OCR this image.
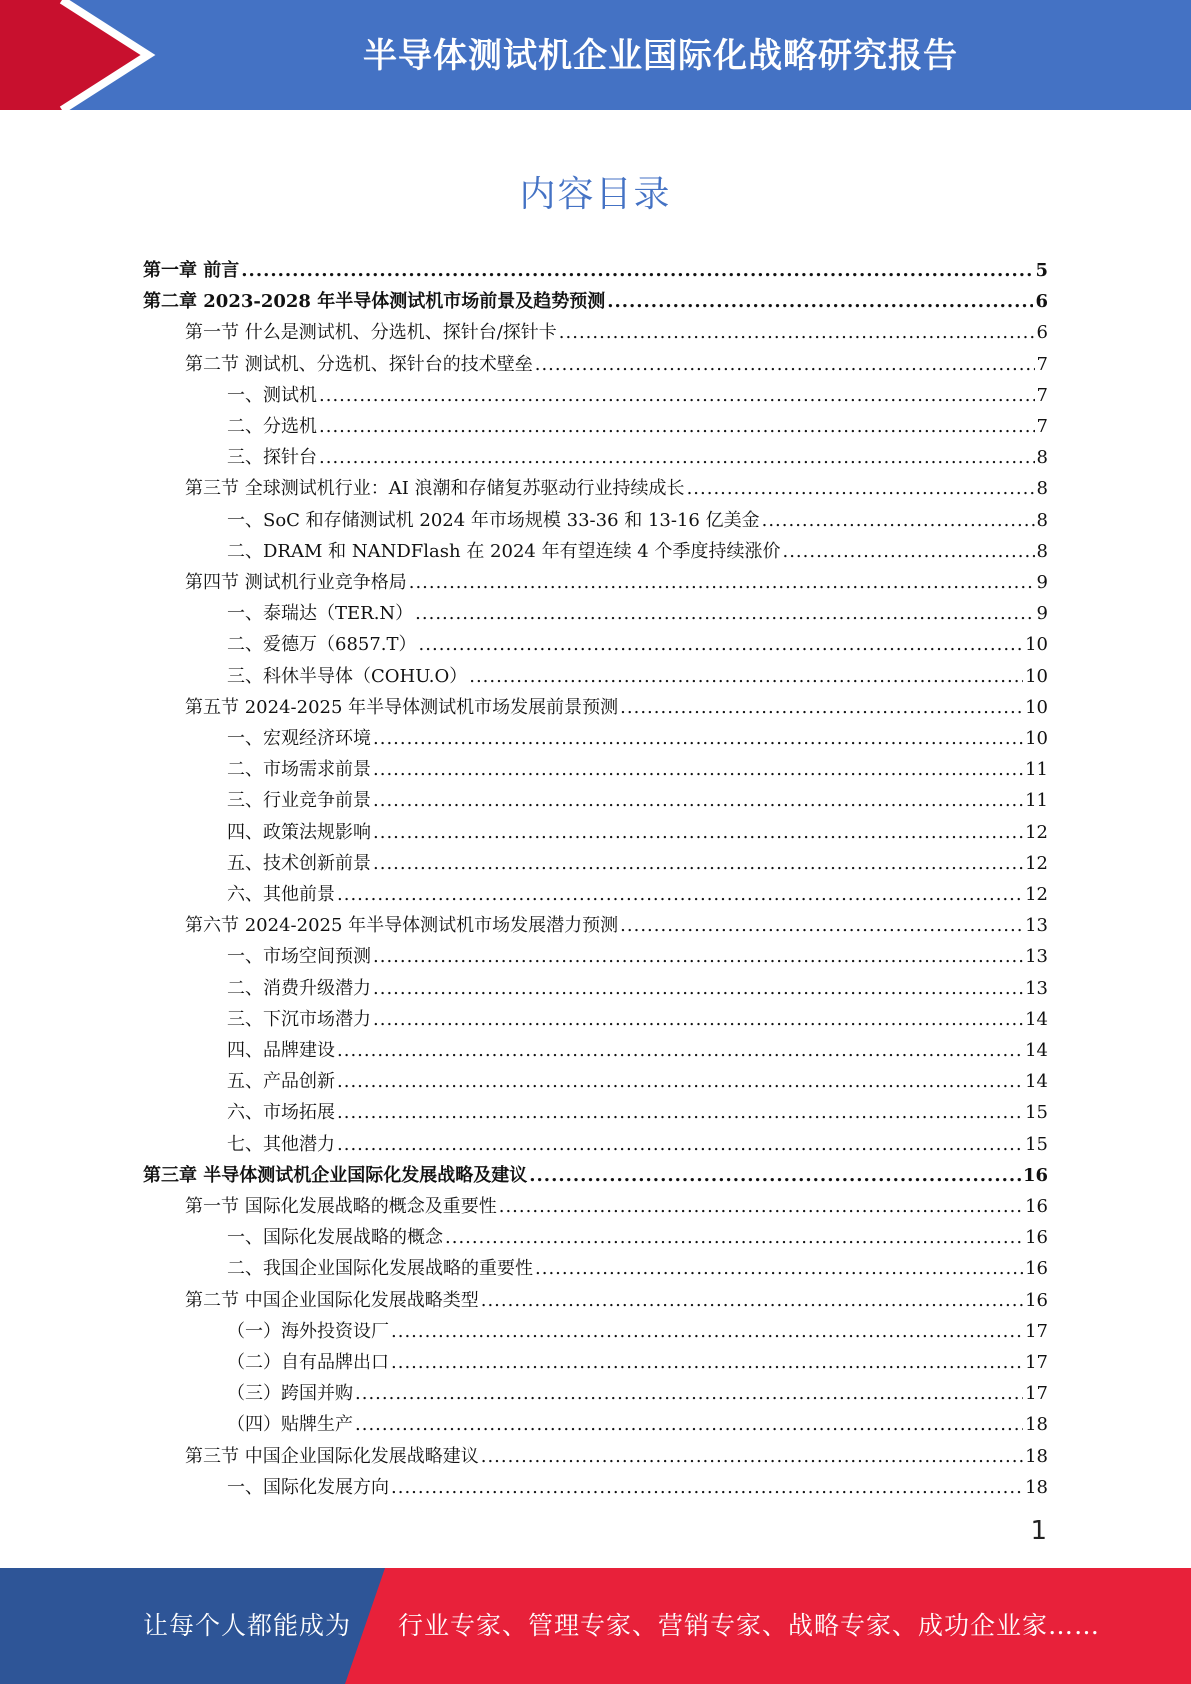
半导体测试机企业国际化战略研究报告
内容目录
第一章 前言 .....	5
第二章 2023-2028 年半导体测试机市场前景及趋势预测 .....	6
第一节 什么是测试机、分选机、探针台/探针卡 .....	6
第二节 测试机、分选机、探针台的技术壁垒 .....	7
一、测试机 .....	7
二、分选机 .....	7
三、探针台 .....	8
第三节 全球测试机行业：AI 浪潮和存储复苏驱动行业持续成长 .....	8
一、SoC 和存储测试机 2024 年市场规模 33-36 和 13-16 亿美金 .....	8
二、DRAM 和 NANDFlash 在 2024 年有望连续 4 个季度持续涨价 .....	8
第四节 测试机行业竞争格局 .....	9
一、泰瑞达（TER.N） .....	9
二、爱德万（6857.T） .....	10
三、科休半导体（COHU.O） .....	10
第五节 2024-2025 年半导体测试机市场发展前景预测 .....	10
一、宏观经济环境 .....	10
二、市场需求前景 .....	11
三、行业竞争前景 .....	11
四、政策法规影响 .....	12
五、技术创新前景 .....	12
六、其他前景 .....	12
第六节 2024-2025 年半导体测试机市场发展潜力预测 .....	13
一、市场空间预测 .....	13
二、消费升级潜力 .....	13
三、下沉市场潜力 .....	14
四、品牌建设 .....	14
五、产品创新 .....	14
六、市场拓展 .....	15
七、其他潜力 .....	15
第三章 半导体测试机企业国际化发展战略及建议 .....	16
第一节 国际化发展战略的概念及重要性 .....	16
一、国际化发展战略的概念 .....	16
二、我国企业国际化发展战略的重要性 .....	16
第二节 中国企业国际化发展战略类型 .....	16
（一）海外投资设厂 .....	17
（二）自有品牌出口 .....	17
（三）跨国并购 .....	17
（四）贴牌生产 .....	18
第三节 中国企业国际化发展战略建议 .....	18
一、国际化发展方向 .....	18
1
让每个人都能成为 行业专家、管理专家、营销专家、战略专家、成功企业家……
